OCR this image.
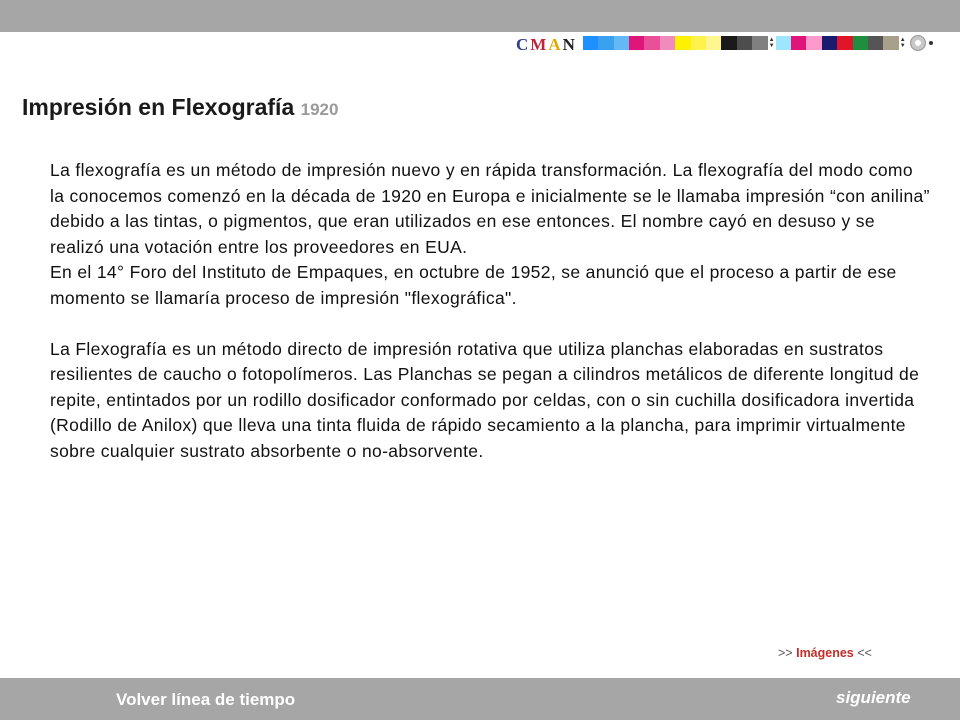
C M A N	▲
▼
▲
▼
Impresión en Flexografía 1920

La flexografía es un método de impresión nuevo y en rápida transformación. La flexografía del modo como la conocemos comenzó en la década de 1920 en Europa e inicialmente se le llamaba impresión “con anilina” debido a las tintas, o pigmentos, que eran utilizados en ese entonces. El nombre cayó en desuso y se realizó una votación entre los proveedores en EUA.

En el 14° Foro del Instituto de Empaques, en octubre de 1952, se anunció que el proceso a partir de ese momento se llamaría proceso de impresión "flexográfica".

La Flexografía es un método directo de impresión rotativa que utiliza planchas elaboradas en sustratos resilientes de caucho o fotopolímeros. Las Planchas se pegan a cilindros metálicos de diferente longitud de repite, entintados por un rodillo dosificador conformado por celdas, con o sin cuchilla dosificadora invertida (Rodillo de Anilox) que lleva una tinta fluida de rápido secamiento a la plancha, para imprimir virtualmente sobre cualquier sustrato absorbente o no-absorvente.

>> Imágenes <<
Volver línea de tiempo	siguiente
